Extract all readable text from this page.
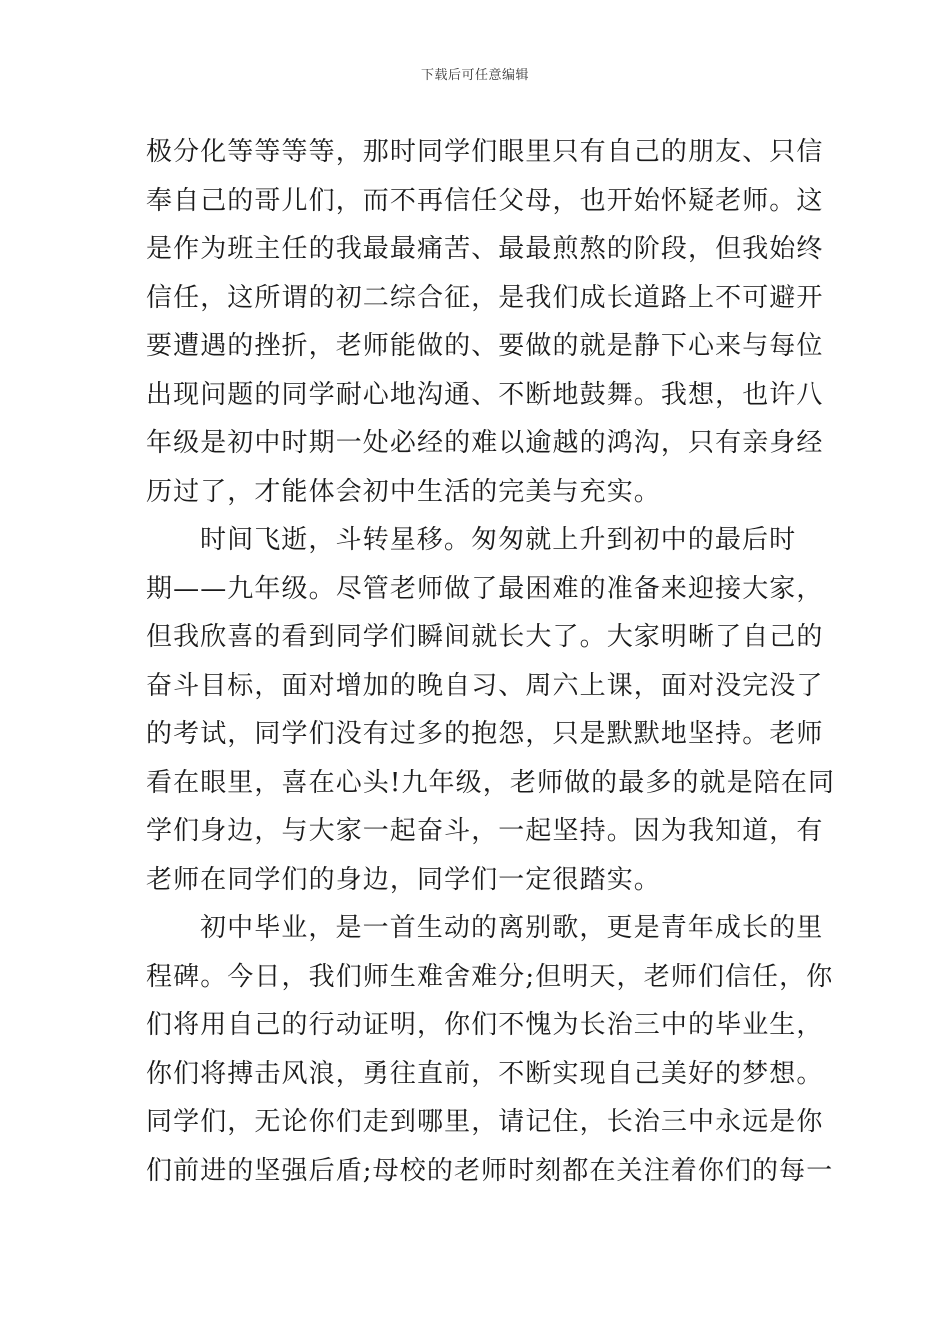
下载后可任意编辑
极分化等等等等，那时同学们眼里只有自己的朋友、只信
奉自己的哥儿们，而不再信任父母，也开始怀疑老师。这
是作为班主任的我最最痛苦、最最煎熬的阶段，但我始终
信任，这所谓的初二综合征，是我们成长道路上不可避开
要遭遇的挫折，老师能做的、要做的就是静下心来与每位
出现问题的同学耐心地沟通、不断地鼓舞。我想，也许八
年级是初中时期一处必经的难以逾越的鸿沟，只有亲身经
历过了，才能体会初中生活的完美与充实。
时间飞逝，斗转星移。匆匆就上升到初中的最后时
期——九年级。尽管老师做了最困难的准备来迎接大家，
但我欣喜的看到同学们瞬间就长大了。大家明晰了自己的
奋斗目标，面对增加的晚自习、周六上课，面对没完没了
的考试，同学们没有过多的抱怨，只是默默地坚持。老师
看在眼里，喜在心头!九年级，老师做的最多的就是陪在同
学们身边，与大家一起奋斗，一起坚持。因为我知道，有
老师在同学们的身边，同学们一定很踏实。
初中毕业，是一首生动的离别歌，更是青年成长的里
程碑。今日，我们师生难舍难分;但明天，老师们信任，你
们将用自己的行动证明，你们不愧为长治三中的毕业生，
你们将搏击风浪，勇往直前，不断实现自己美好的梦想。
同学们，无论你们走到哪里，请记住，长治三中永远是你
们前进的坚强后盾;母校的老师时刻都在关注着你们的每一
